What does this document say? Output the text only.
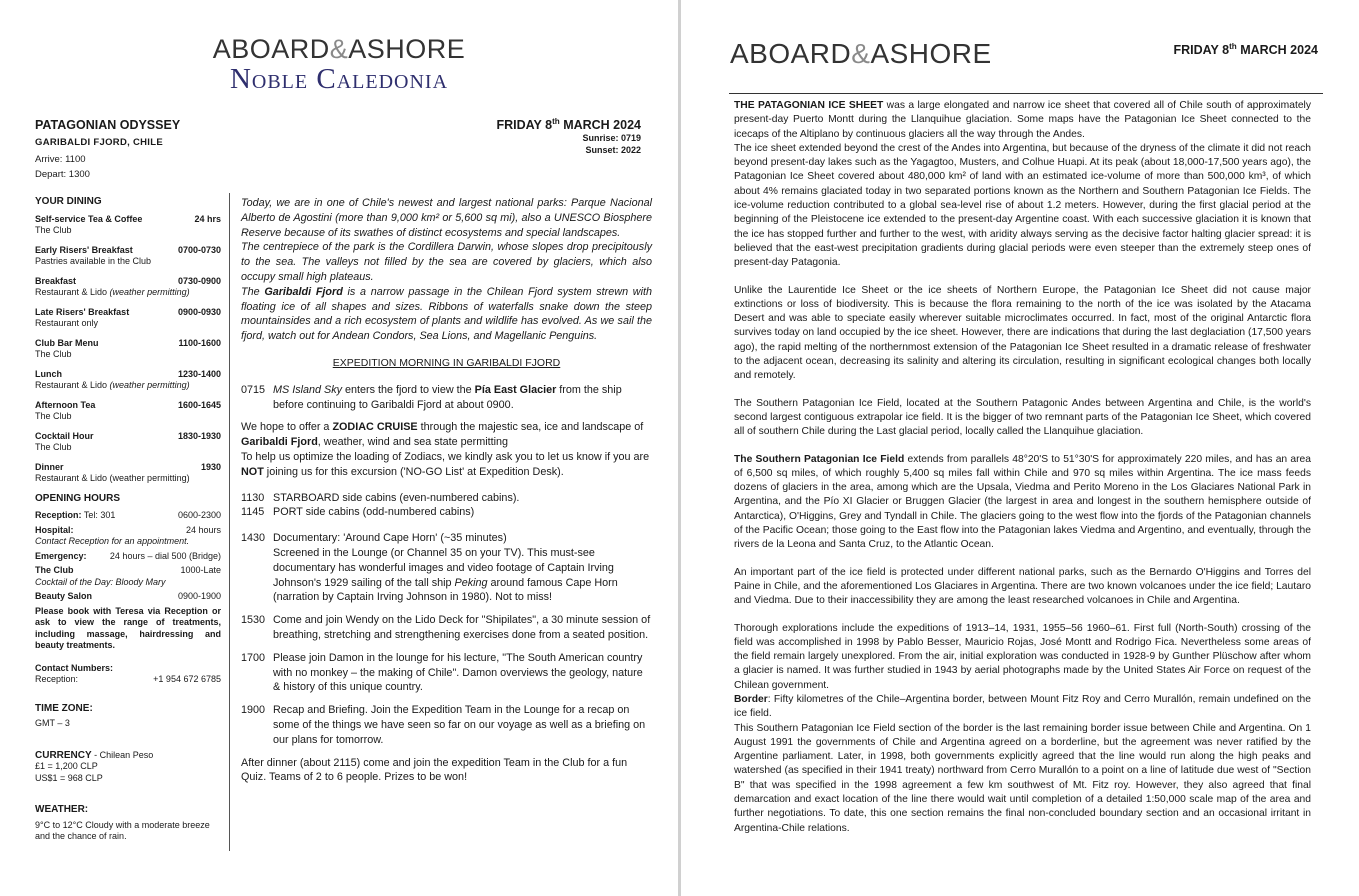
ABOARD&ASHORE
Noble Caledonia
PATAGONIAN ODYSSEY
GARIBALDI FJORD, CHILE
Arrive: 1100
Depart: 1300
FRIDAY 8th MARCH 2024
Sunrise: 0719
Sunset: 2022
YOUR DINING
Self-service Tea & Coffee	24 hrs
The Club
Early Risers' Breakfast	0700-0730
Pastries available in the Club
Breakfast	0730-0900
Restaurant & Lido (weather permitting)
Late Risers' Breakfast	0900-0930
Restaurant only
Club Bar Menu	1100-1600
The Club
Lunch	1230-1400
Restaurant & Lido (weather permitting)
Afternoon Tea	1600-1645
The Club
Cocktail Hour	1830-1930
The Club
Dinner	1930
Restaurant & Lido (weather permitting)
OPENING HOURS
Reception: Tel: 301	0600-2300
Hospital:	24 hours
Contact Reception for an appointment.
Emergency:	24 hours – dial 500 (Bridge)
The Club	1000-Late
Cocktail of the Day: Bloody Mary
Beauty Salon	0900-1900
Please book with Teresa via Reception or ask to view the range of treatments, including massage, hairdressing and beauty treatments.
Contact Numbers:
Reception:	+1 954 672 6785
TIME ZONE:
GMT – 3
CURRENCY - Chilean Peso
£1 = 1,200 CLP
US$1 = 968 CLP
WEATHER:
9°C to 12°C Cloudy with a moderate breeze and the chance of rain.

Today, we are in one of Chile's newest and largest national parks: Parque Nacional Alberto de Agostini (more than 9,000 km² or 5,600 sq mi), also a UNESCO Biosphere Reserve because of its swathes of distinct ecosystems and special landscapes.

The centrepiece of the park is the Cordillera Darwin, whose slopes drop precipitously to the sea. The valleys not filled by the sea are covered by glaciers, which also occupy small high plateaus.

The Garibaldi Fjord is a narrow passage in the Chilean Fjord system strewn with floating ice of all shapes and sizes. Ribbons of waterfalls snake down the steep mountainsides and a rich ecosystem of plants and wildlife has evolved. As we sail the fjord, watch out for Andean Condors, Sea Lions, and Magellanic Penguins.

EXPEDITION MORNING IN GARIBALDI FJORD
0715 MS Island Sky enters the fjord to view the Pía East Glacier from the ship before continuing to Garibaldi Fjord at about 0900.

We hope to offer a ZODIAC CRUISE through the majestic sea, ice and landscape of Garibaldi Fjord, weather, wind and sea state permitting

To help us optimize the loading of Zodiacs, we kindly ask you to let us know if you are NOT joining us for this excursion ('NO-GO List' at Expedition Desk).

1130 STARBOARD side cabins (even-numbered cabins).
1145 PORT side cabins (odd-numbered cabins)
1430 Documentary: 'Around Cape Horn' (~35 minutes)
Screened in the Lounge (or Channel 35 on your TV). This must-see documentary has wonderful images and video footage of Captain Irving Johnson's 1929 sailing of the tall ship Peking around famous Cape Horn (narration by Captain Irving Johnson in 1980). Not to miss!
1530 Come and join Wendy on the Lido Deck for "Shipilates", a 30 minute session of breathing, stretching and strengthening exercises done from a seated position.
1700 Please join Damon in the lounge for his lecture, "The South American country with no monkey – the making of Chile". Damon overviews the geology, nature & history of this unique country.
1900 Recap and Briefing. Join the Expedition Team in the Lounge for a recap on some of the things we have seen so far on our voyage as well as a briefing on our plans for tomorrow.

After dinner (about 2115) come and join the expedition Team in the Club for a fun Quiz. Teams of 2 to 6 people. Prizes to be won!

ABOARD&ASHORE	FRIDAY 8th MARCH 2024

THE PATAGONIAN ICE SHEET was a large elongated and narrow ice sheet that covered all of Chile south of approximately present-day Puerto Montt during the Llanquihue glaciation. Some maps have the Patagonian Ice Sheet connected to the icecaps of the Altiplano by continuous glaciers all the way through the Andes.

The ice sheet extended beyond the crest of the Andes into Argentina, but because of the dryness of the climate it did not reach beyond present-day lakes such as the Yagagtoo, Musters, and Colhue Huapi. At its peak (about 18,000-17,500 years ago), the Patagonian Ice Sheet covered about 480,000 km² of land with an estimated ice-volume of more than 500,000 km³, of which about 4% remains glaciated today in two separated portions known as the Northern and Southern Patagonian Ice Fields. The ice-volume reduction contributed to a global sea-level rise of about 1.2 meters. However, during the first glacial period at the beginning of the Pleistocene ice extended to the present-day Argentine coast. With each successive glaciation it is known that the ice has stopped further and further to the west, with aridity always serving as the decisive factor halting glacier spread: it is believed that the east-west precipitation gradients during glacial periods were even steeper than the extremely steep ones of present-day Patagonia.

Unlike the Laurentide Ice Sheet or the ice sheets of Northern Europe, the Patagonian Ice Sheet did not cause major extinctions or loss of biodiversity. This is because the flora remaining to the north of the ice was isolated by the Atacama Desert and was able to speciate easily wherever suitable microclimates occurred. In fact, most of the original Antarctic flora survives today on land occupied by the ice sheet. However, there are indications that during the last deglaciation (17,500 years ago), the rapid melting of the northernmost extension of the Patagonian Ice Sheet resulted in a dramatic release of freshwater to the adjacent ocean, decreasing its salinity and altering its circulation, resulting in significant ecological changes both locally and remotely.

The Southern Patagonian Ice Field, located at the Southern Patagonic Andes between Argentina and Chile, is the world's second largest contiguous extrapolar ice field. It is the bigger of two remnant parts of the Patagonian Ice Sheet, which covered all of southern Chile during the Last glacial period, locally called the Llanquihue glaciation.

The Southern Patagonian Ice Field extends from parallels 48°20'S to 51°30'S for approximately 220 miles, and has an area of 6,500 sq miles, of which roughly 5,400 sq miles fall within Chile and 970 sq miles within Argentina. The ice mass feeds dozens of glaciers in the area, among which are the Upsala, Viedma and Perito Moreno in the Los Glaciares National Park in Argentina, and the Pío XI Glacier or Bruggen Glacier (the largest in area and longest in the southern hemisphere outside of Antarctica), O'Higgins, Grey and Tyndall in Chile. The glaciers going to the west flow into the fjords of the Patagonian channels of the Pacific Ocean; those going to the East flow into the Patagonian lakes Viedma and Argentino, and eventually, through the rivers de la Leona and Santa Cruz, to the Atlantic Ocean.

An important part of the ice field is protected under different national parks, such as the Bernardo O'Higgins and Torres del Paine in Chile, and the aforementioned Los Glaciares in Argentina. There are two known volcanoes under the ice field; Lautaro and Viedma. Due to their inaccessibility they are among the least researched volcanoes in Chile and Argentina.

Thorough explorations include the expeditions of 1913–14, 1931, 1955–56 1960–61. First full (North-South) crossing of the field was accomplished in 1998 by Pablo Besser, Mauricio Rojas, José Montt and Rodrigo Fica. Nevertheless some areas of the field remain largely unexplored. From the air, initial exploration was conducted in 1928-9 by Gunther Plüschow after whom a glacier is named. It was further studied in 1943 by aerial photographs made by the United States Air Force on request of the Chilean government.

Border: Fifty kilometres of the Chile–Argentina border, between Mount Fitz Roy and Cerro Murallón, remain undefined on the ice field.

This Southern Patagonian Ice Field section of the border is the last remaining border issue between Chile and Argentina. On 1 August 1991 the governments of Chile and Argentina agreed on a borderline, but the agreement was never ratified by the Argentine parliament. Later, in 1998, both governments explicitly agreed that the line would run along the high peaks and watershed (as specified in their 1941 treaty) northward from Cerro Murallón to a point on a line of latitude due west of "Section B" that was specified in the 1998 agreement a few km southwest of Mt. Fitz roy. However, they also agreed that final demarcation and exact location of the line there would wait until completion of a detailed 1:50,000 scale map of the area and further negotiations. To date, this one section remains the final non-concluded boundary section and an occasional irritant in Argentina-Chile relations.
